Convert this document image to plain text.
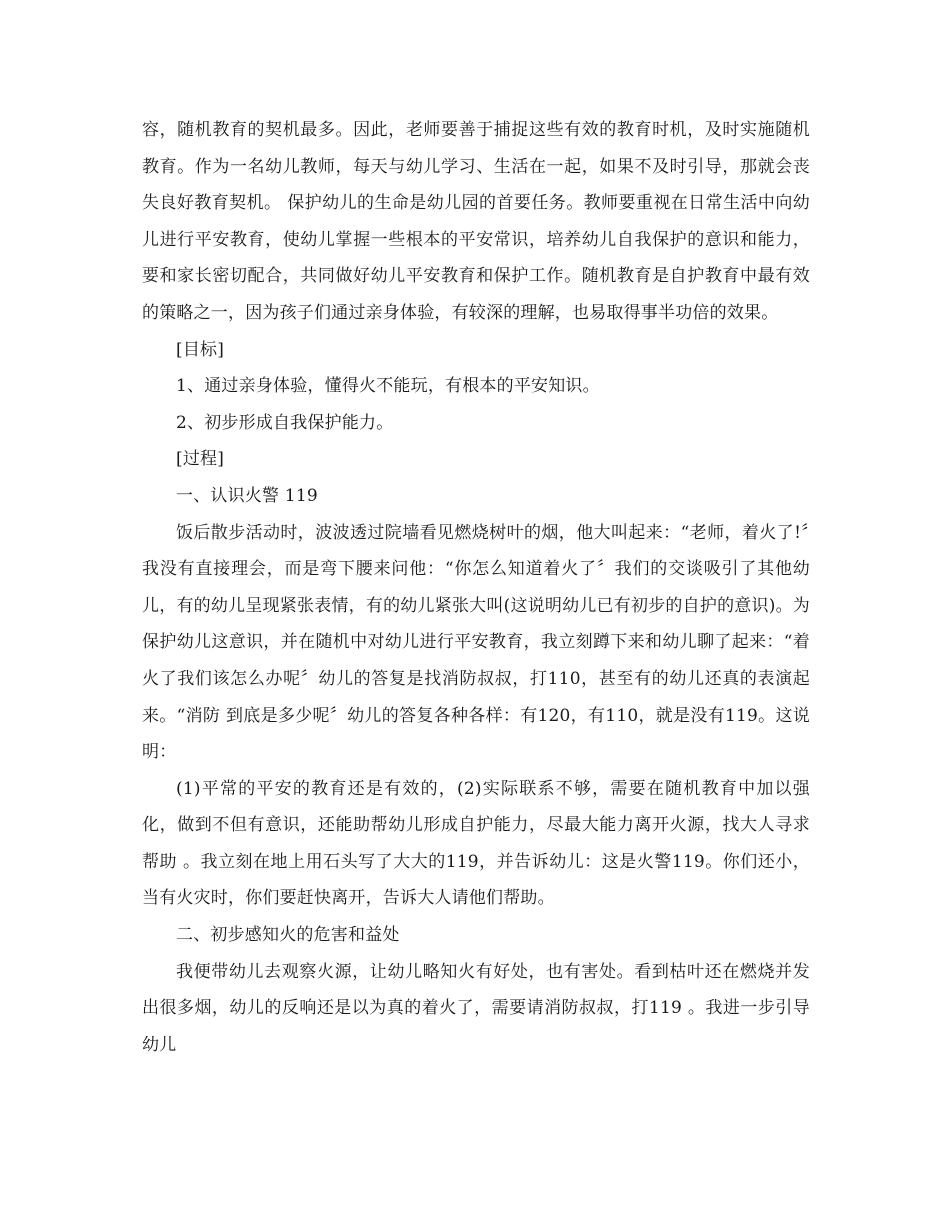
容，随机教育的契机最多。因此，老师要善于捕捉这些有效的教育时机，及时实施随机教育。作为一名幼儿教师，每天与幼儿学习、生活在一起，如果不及时引导，那就会丧失良好教育契机。 保护幼儿的生命是幼儿园的首要任务。教师要重视在日常生活中向幼儿进行平安教育，使幼儿掌握一些根本的平安常识，培养幼儿自我保护的意识和能力，要和家长密切配合，共同做好幼儿平安教育和保护工作。随机教育是自护教育中最有效的策略之一，因为孩子们通过亲身体验，有较深的理解，也易取得事半功倍的效果。

[目标]

1、通过亲身体验，懂得火不能玩，有根本的平安知识。

2、初步形成自我保护能力。

[过程]

一、认识火警 119

饭后散步活动时，波波透过院墙看见燃烧树叶的烟，他大叫起来：“老师，着火了!〞我没有直接理会，而是弯下腰来问他：“你怎么知道着火了〞我们的交谈吸引了其他幼儿，有的幼儿呈现紧张表情，有的幼儿紧张大叫(这说明幼儿已有初步的自护的意识)。为保护幼儿这意识，并在随机中对幼儿进行平安教育，我立刻蹲下来和幼儿聊了起来：“着火了我们该怎么办呢〞幼儿的答复是找消防叔叔，打110，甚至有的幼儿还真的表演起来。“消防 到底是多少呢〞幼儿的答复各种各样：有120，有110，就是没有119。这说明：

(1)平常的平安的教育还是有效的，(2)实际联系不够，需要在随机教育中加以强化，做到不但有意识，还能助帮幼儿形成自护能力，尽最大能力离开火源，找大人寻求帮助 。我立刻在地上用石头写了大大的119，并告诉幼儿：这是火警119。你们还小，当有火灾时，你们要赶快离开，告诉大人请他们帮助。

二、初步感知火的危害和益处

我便带幼儿去观察火源，让幼儿略知火有好处，也有害处。看到枯叶还在燃烧并发出很多烟，幼儿的反响还是以为真的着火了，需要请消防叔叔，打119 。我进一步引导幼儿
